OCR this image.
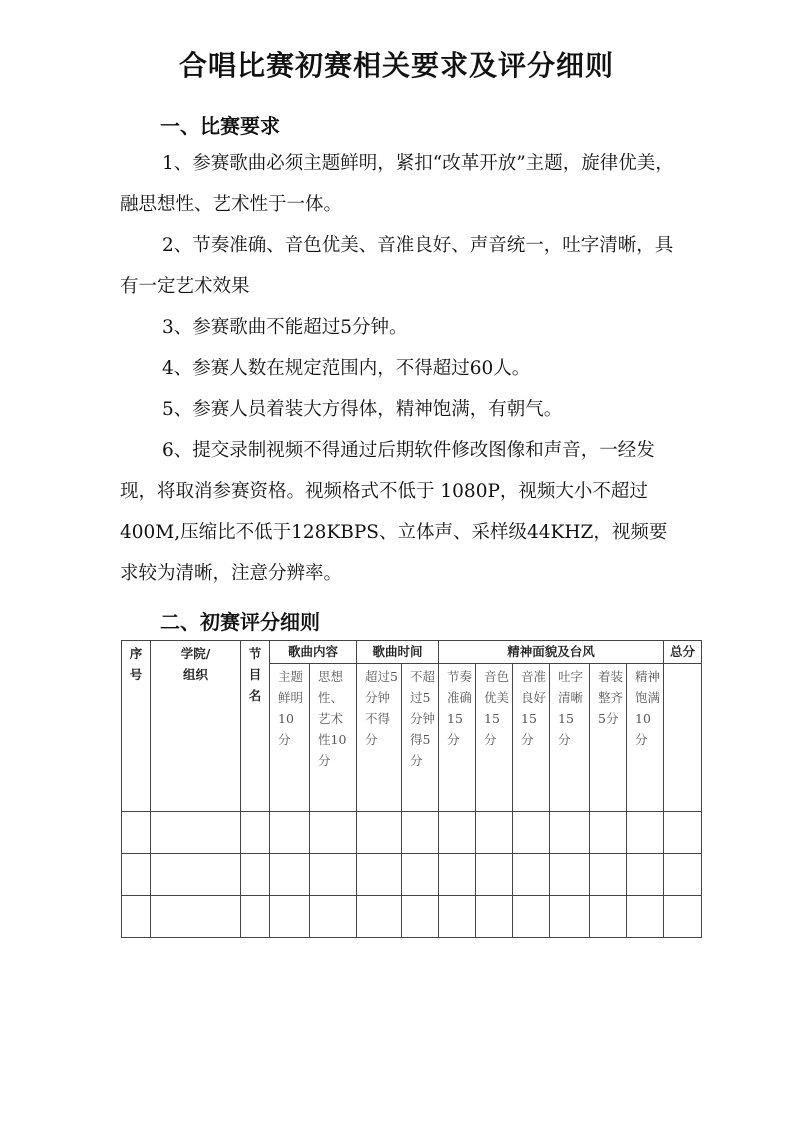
合唱比赛初赛相关要求及评分细则
一、比赛要求

1、参赛歌曲必须主题鲜明，紧扣“改革开放”主题，旋律优美，融思想性、艺术性于一体。

2、节奏准确、音色优美、音准良好、声音统一，吐字清晰，具有一定艺术效果

3、参赛歌曲不能超过5分钟。

4、参赛人数在规定范围内，不得超过60人。

5、参赛人员着装大方得体，精神饱满，有朝气。

6、提交录制视频不得通过后期软件修改图像和声音，一经发现，将取消参赛资格。视频格式不低于 1080P，视频大小不超过400M,压缩比不低于128KBPS、立体声、采样级44KHZ，视频要求较为清晰，注意分辨率。

二、初赛评分细则
序号	学院/组织	节目名	歌曲内容		歌曲时间		精神面貌及台风						总分

			主题鲜明10分	思想性、艺术性10分	超过5分钟不得分	不超过5分钟得5分	节奏准确15分	音色优美15分	音准良好15分	吐字清晰15分	着装整齐5分	精神饱满10分	
